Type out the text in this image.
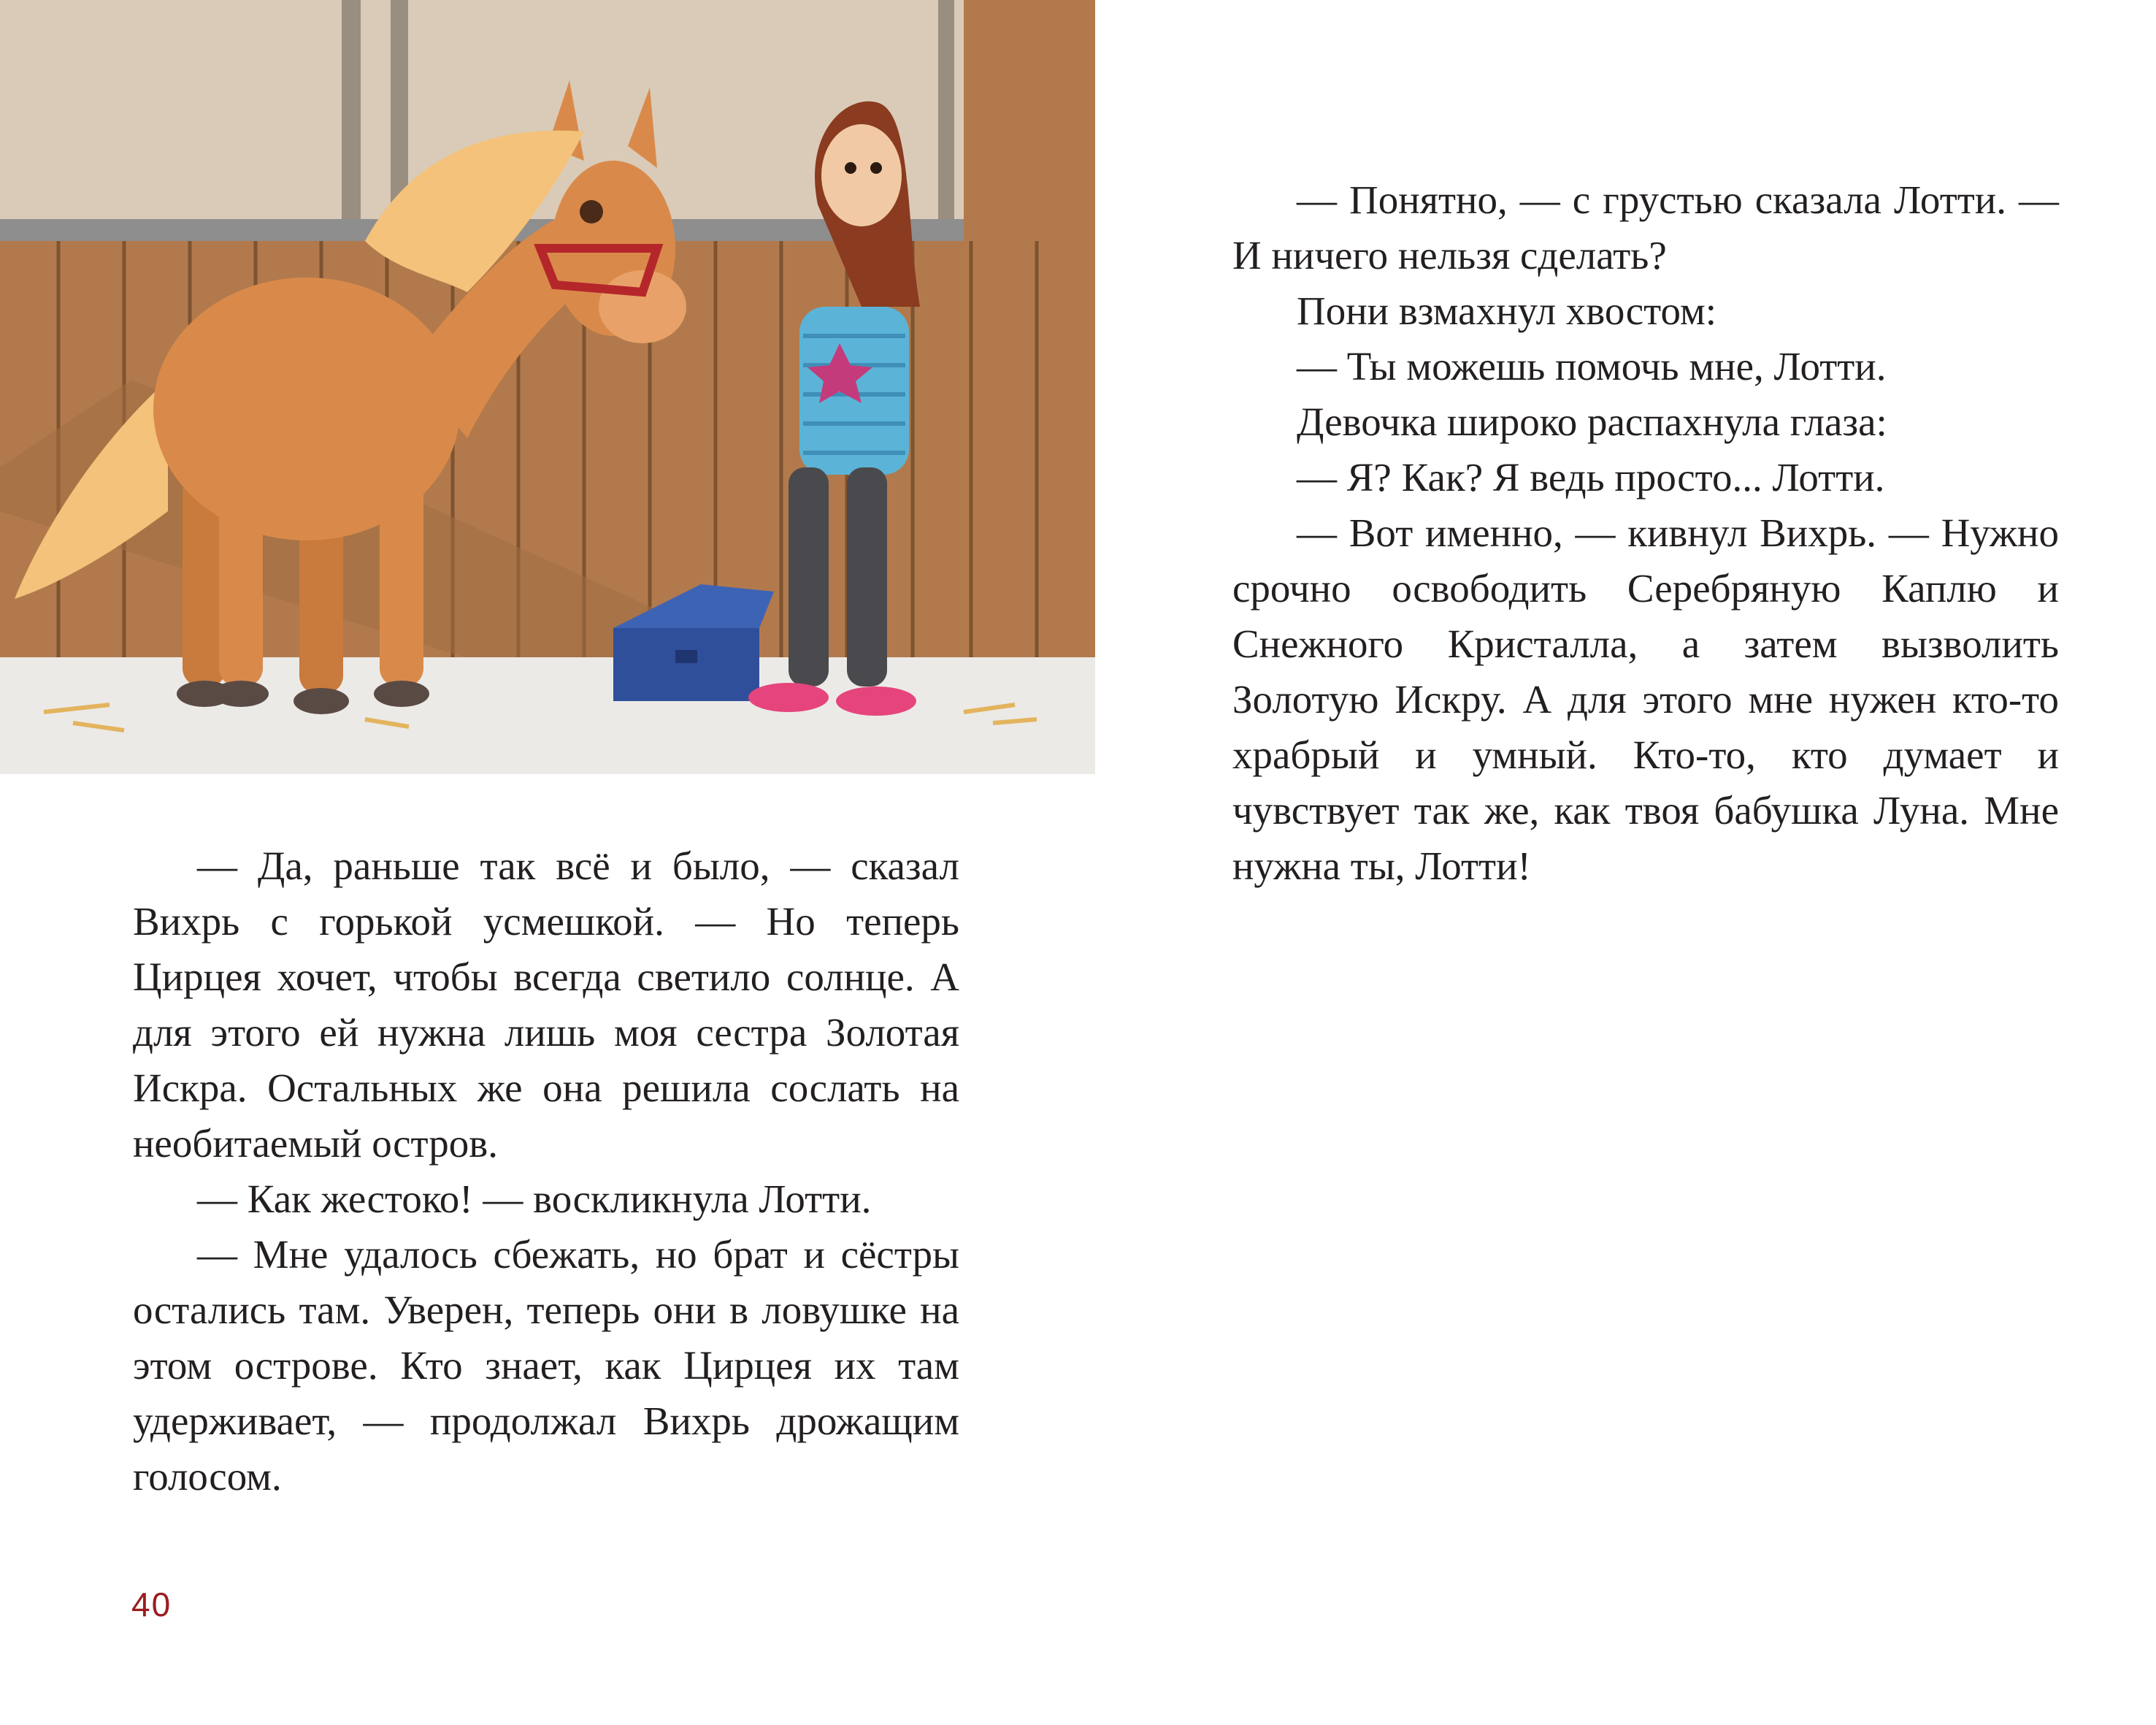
— Да, раньше так всё и было, — сказал Вихрь с горькой усмешкой. — Но теперь Цирцея хочет, чтобы всегда светило солнце. А для этого ей нужна лишь моя сестра Золотая Искра. Остальных же она решила сослать на необитаемый остров.

— Как жестоко! — воскликнула Лотти.

— Мне удалось сбежать, но брат и сёстры остались там. Уверен, теперь они в ловушке на этом острове. Кто знает, как Цирцея их там удерживает, — продолжал Вихрь дрожащим голосом.

— Понятно, — с грустью сказала Лотти. — И ничего нельзя сделать?

Пони взмахнул хвостом:

— Ты можешь помочь мне, Лотти.

Девочка широко распахнула глаза:

— Я? Как? Я ведь просто... Лотти.

— Вот именно, — кивнул Вихрь. — Нужно срочно освободить Серебряную Каплю и Снежного Кристалла, а затем вызволить Золотую Искру. А для этого мне нужен кто-то храбрый и умный. Кто-то, кто думает и чувствует так же, как твоя бабушка Луна. Мне нужна ты, Лотти!

40
